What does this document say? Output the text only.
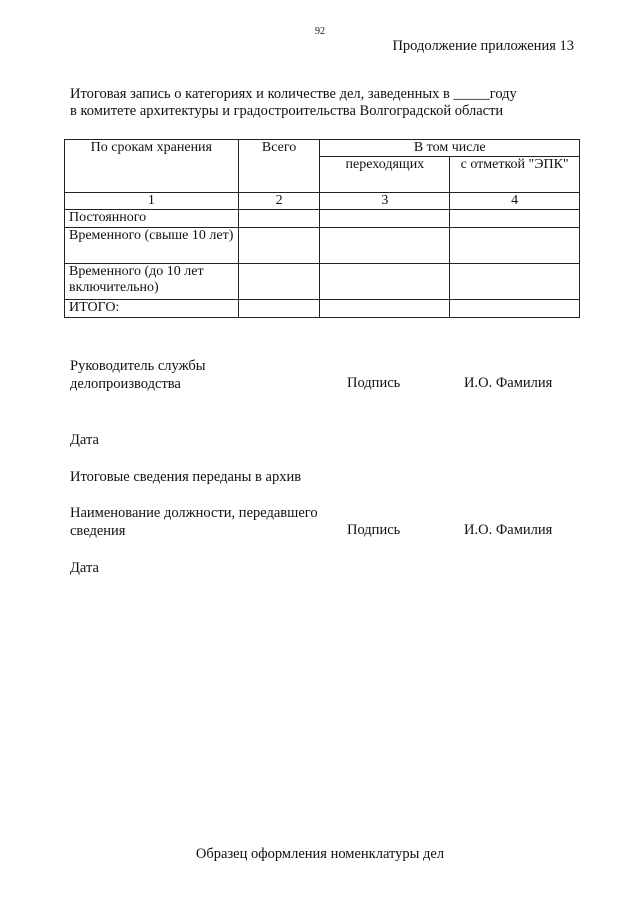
92
Продолжение приложения 13
Итоговая запись о категориях и количестве дел, заведенных в _____году
в комитете архитектуры и градостроительства Волгоградской области
По срокам хранения	Всего	В том числе	
		переходящих	с отметкой "ЭПК"
1	2	3	4
Постоянного			
Временного (свыше 10 лет)			
Временного (до 10 лет включительно)			
ИТОГО:			
Руководитель службы
делопроизводства	Подпись	И.О. Фамилия
Дата
Итоговые сведения переданы в архив
Наименование должности, передавшего
сведения	Подпись	И.О. Фамилия
Дата
Образец оформления номенклатуры дел
